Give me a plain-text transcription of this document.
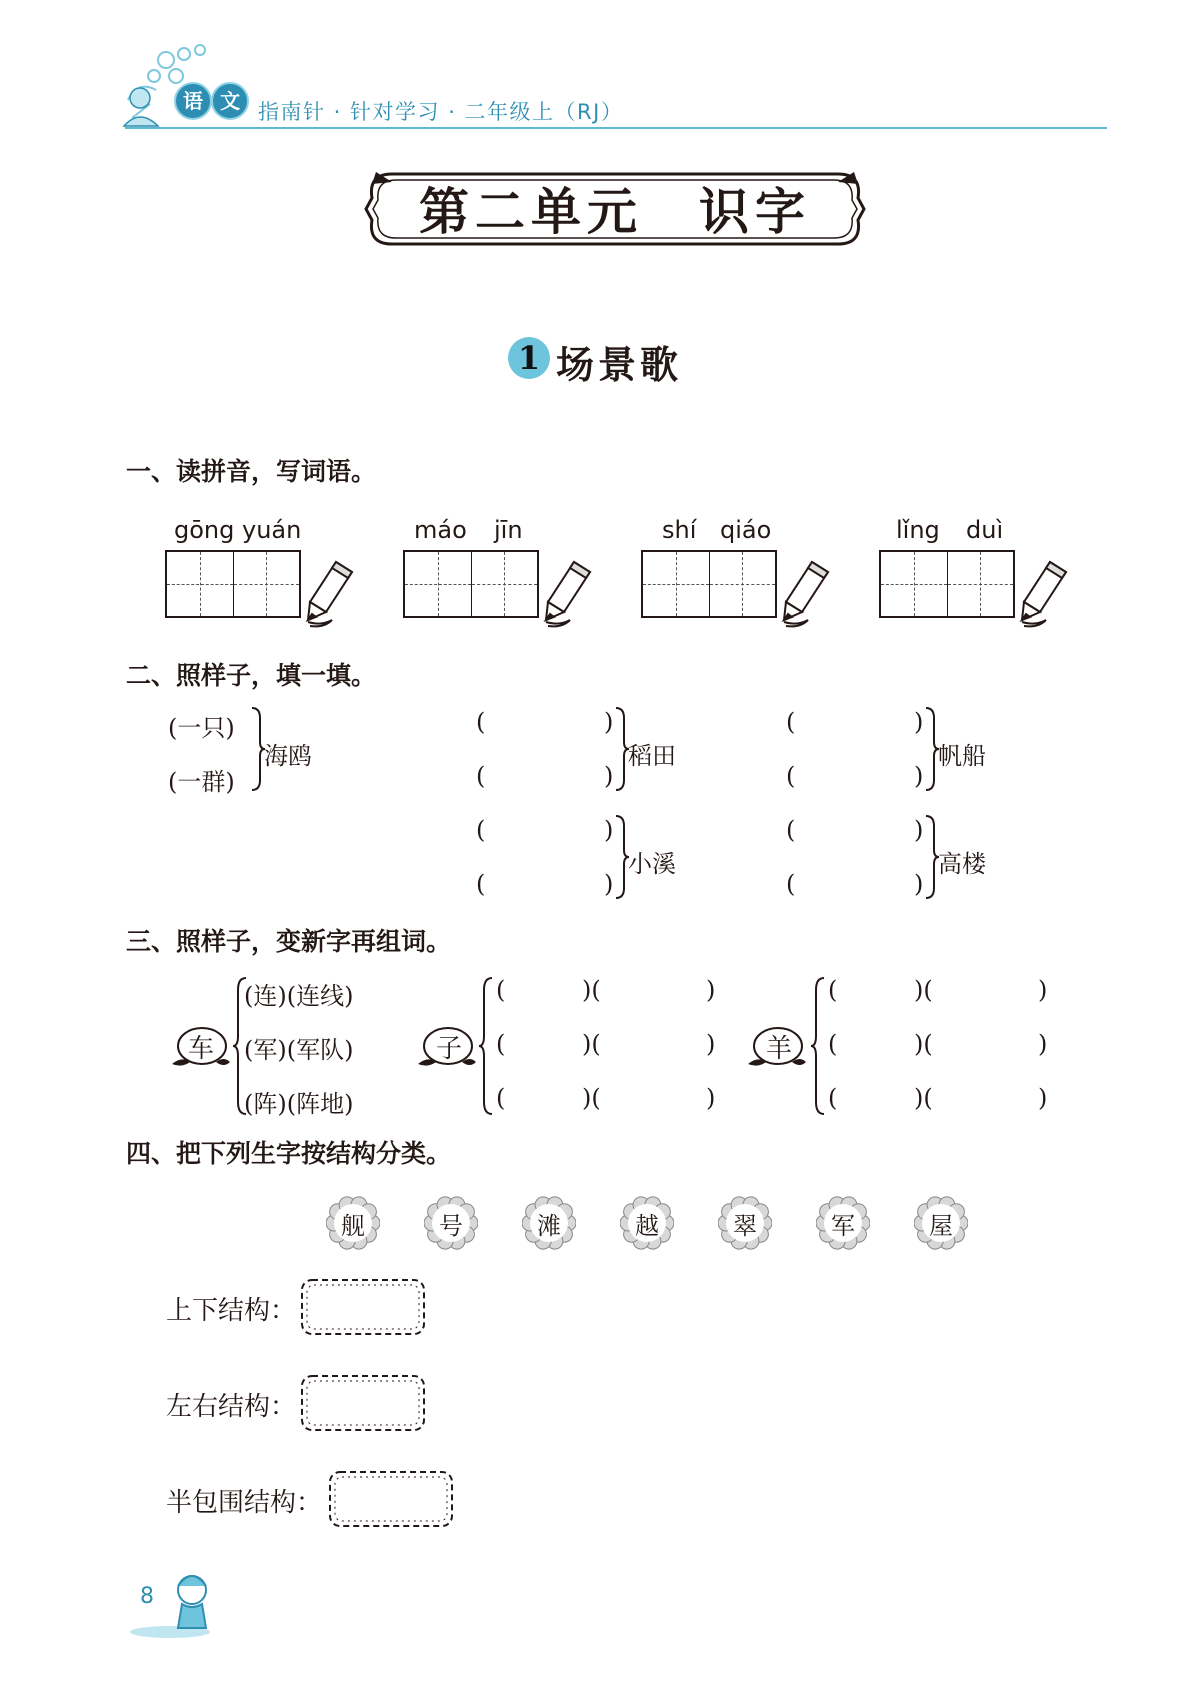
语 文 指南针 · 针对学习 · 二年级上（RJ）
第二单元　识字
1 场景歌
一、读拼音，写词语。
gōng yuán	máo jīn	shí qiáo	lǐng duì
二、照样子，填一填。
(一只)
(一群)
海鸥
(	)
(	)
稻田
(	)
(	)
帆船
(	)
(	)
小溪
(	)
(	)
高楼
三、照样子，变新字再组词。
车
(连)(连线)
(军)(军队)
(阵)(阵地)
子
(	)(	)
(	)(	)
(	)(	)
羊
(	)(	)
(	)(	)
(	)(	)
四、把下列生字按结构分类。
上下结构：
左右结构：
半包围结构：
8
舰	号	滩	越	翠	军	屋
